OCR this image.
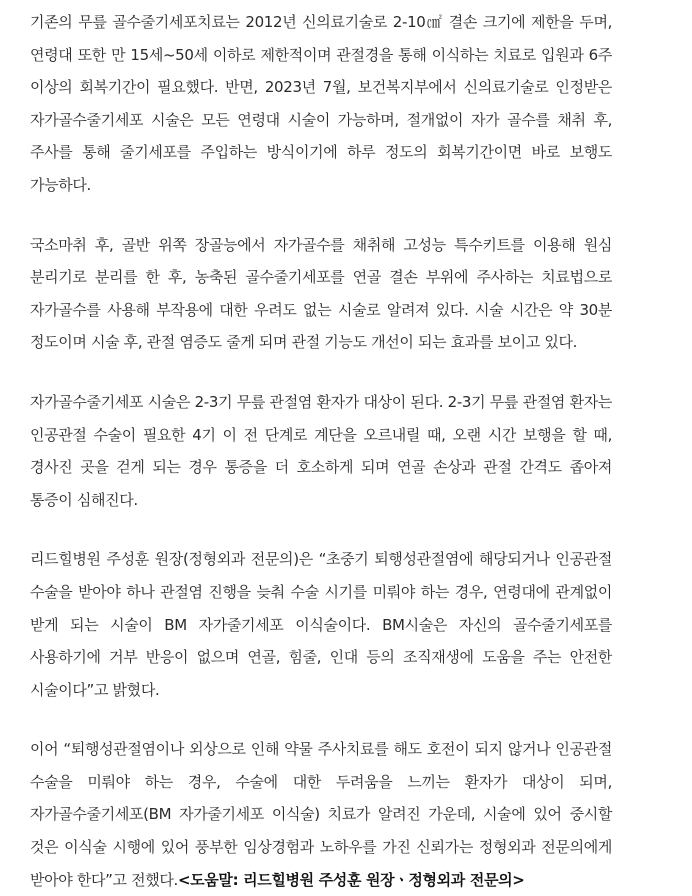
기존의 무릎 골수줄기세포치료는 2012년 신의료기술로 2-10㎠ 결손 크기에 제한을 두며, 연령대 또한 만 15세~50세 이하로 제한적이며 관절경을 통해 이식하는 치료로 입원과 6주 이상의 회복기간이 필요했다. 반면, 2023년 7월, 보건복지부에서 신의료기술로 인정받은 자가골수줄기세포 시술은 모든 연령대 시술이 가능하며, 절개없이 자가 골수를 채취 후, 주사를 통해 줄기세포를 주입하는 방식이기에 하루 정도의 회복기간이면 바로 보행도 가능하다.

국소마취 후, 골반 위쪽 장골능에서 자가골수를 채취해 고성능 특수키트를 이용해 원심 분리기로 분리를 한 후, 농축된 골수줄기세포를 연골 결손 부위에 주사하는 치료법으로 자가골수를 사용해 부작용에 대한 우려도 없는 시술로 알려져 있다. 시술 시간은 약 30분 정도이며 시술 후, 관절 염증도 줄게 되며 관절 기능도 개선이 되는 효과를 보이고 있다.

자가골수줄기세포 시술은 2-3기 무릎 관절염 환자가 대상이 된다. 2-3기 무릎 관절염 환자는 인공관절 수술이 필요한 4기 이 전 단계로 계단을 오르내릴 때, 오랜 시간 보행을 할 때, 경사진 곳을 걷게 되는 경우 통증을 더 호소하게 되며 연골 손상과 관절 간격도 좁아져 통증이 심해진다.

리드힐병원 주성훈 원장(정형외과 전문의)은 “초중기 퇴행성관절염에 해당되거나 인공관절 수술을 받아야 하나 관절염 진행을 늦춰 수술 시기를 미뤄야 하는 경우, 연령대에 관계없이 받게 되는 시술이 BM 자가줄기세포 이식술이다. BM시술은 자신의 골수줄기세포를 사용하기에 거부 반응이 없으며 연골, 힘줄, 인대 등의 조직재생에 도움을 주는 안전한 시술이다”고 밝혔다.

이어 “퇴행성관절염이나 외상으로 인해 약물 주사치료를 해도 호전이 되지 않거나 인공관절 수술을 미뤄야 하는 경우, 수술에 대한 두려움을 느끼는 환자가 대상이 되며, 자가골수줄기세포(BM 자가줄기세포 이식술) 치료가 알려진 가운데, 시술에 있어 중시할 것은 이식술 시행에 있어 풍부한 임상경험과 노하우를 가진 신뢰가는 정형외과 전문의에게 받아야 한다”고 전했다.<도움말: 리드힐병원 주성훈 원장ㆍ정형외과 전문의>
